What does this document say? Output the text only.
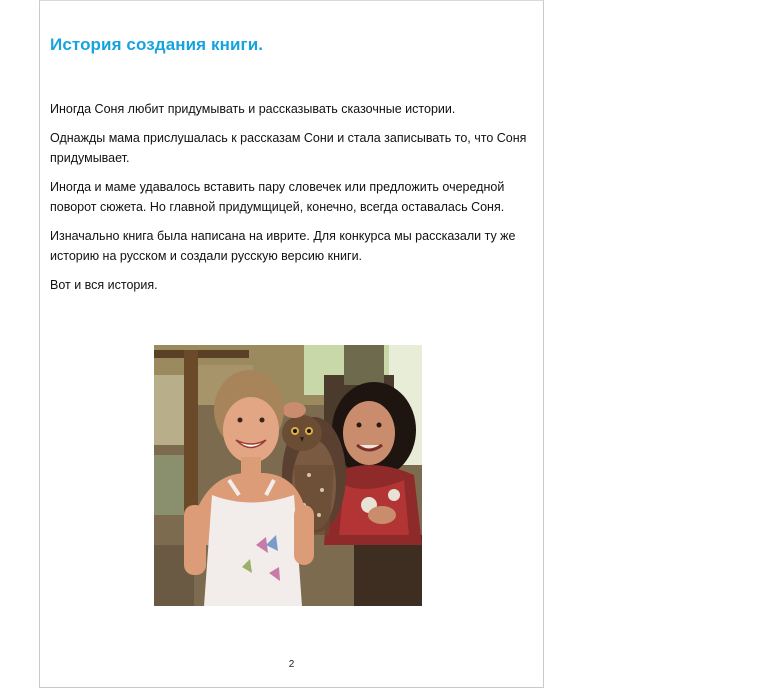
История создания книги.

Иногда Соня любит придумывать и рассказывать сказочные истории.

Однажды мама прислушалась к рассказам Сони и стала записывать то, что Соня придумывает.

Иногда и маме удавалось вставить пару словечек или предложить очередной поворот сюжета. Но главной придумщицей, конечно, всегда оставалась Соня.

Изначально книга была написана на иврите. Для конкурса мы рассказали ту же историю на русском и создали русскую версию книги.

Вот и вся история.

2
